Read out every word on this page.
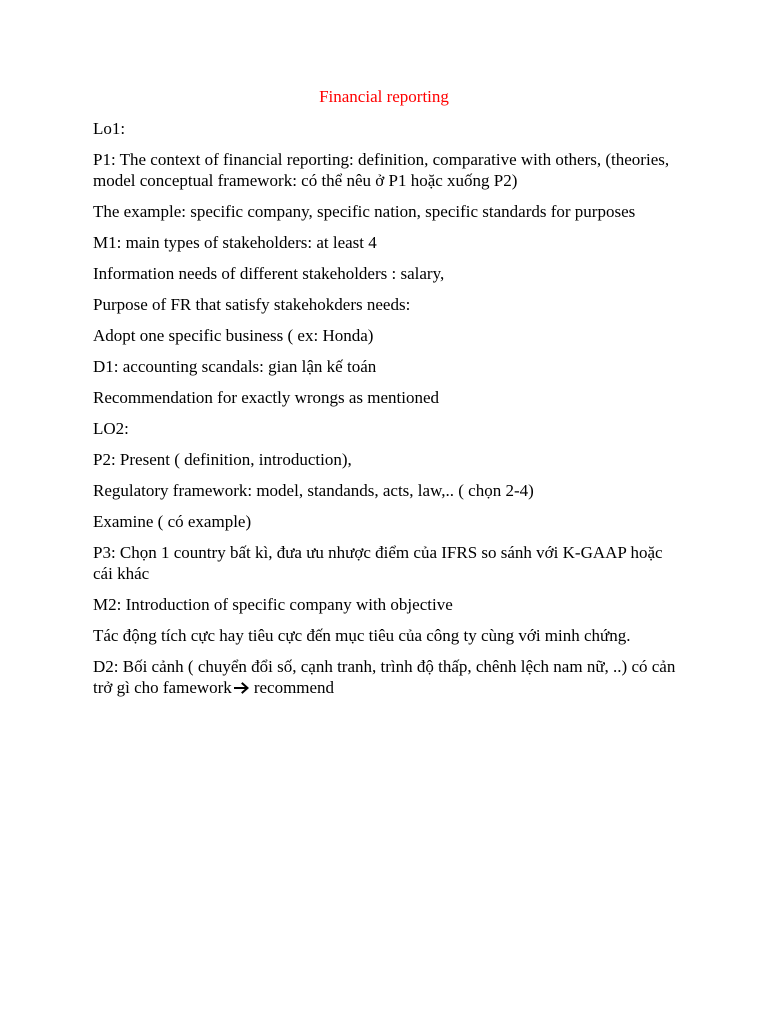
Financial reporting

Lo1:

P1: The context of financial reporting: definition, comparative with others, (theories, model conceptual framework: có thể nêu ở P1 hoặc xuống P2)

The example: specific company, specific nation, specific standards for purposes

M1: main types of stakeholders: at least 4

Information needs of different stakeholders : salary,

Purpose of FR that satisfy stakehokders needs:

Adopt one specific business ( ex: Honda)

D1: accounting scandals: gian lận kế toán

Recommendation for exactly wrongs as mentioned

LO2:

P2: Present ( definition, introduction),

Regulatory framework: model, standands, acts, law,.. ( chọn 2-4)

Examine ( có example)

P3: Chọn 1 country bất kì, đưa ưu nhược điểm của IFRS so sánh với K-GAAP hoặc cái khác

M2: Introduction of specific company with objective

Tác động tích cực hay tiêu cực đến mục tiêu của công ty cùng với minh chứng.

D2: Bối cảnh ( chuyển đổi số, cạnh tranh, trình độ thấp, chênh lệch nam nữ, ..) có cản trở gì cho famework recommend
